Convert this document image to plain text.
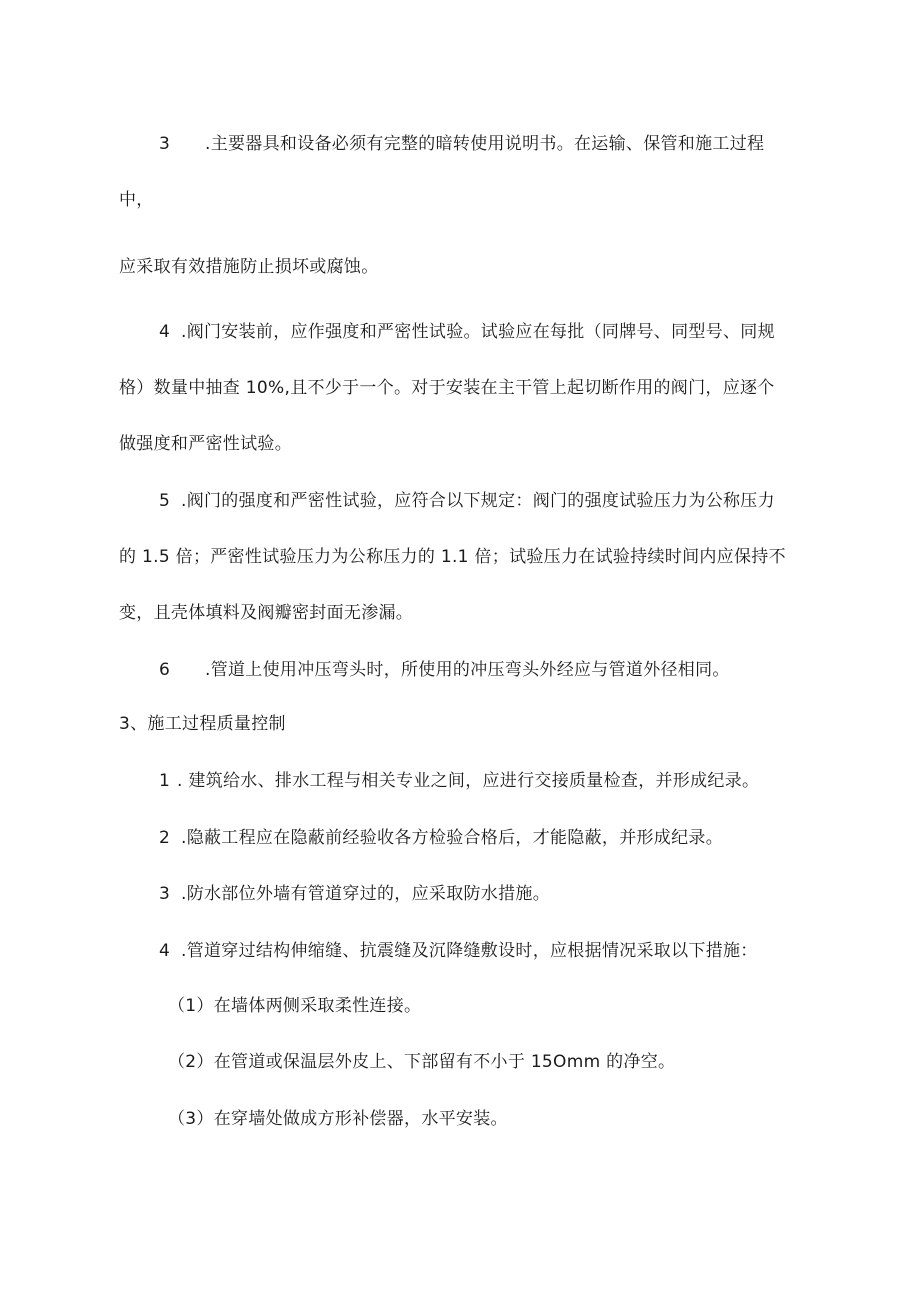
3 .主要器具和设备必须有完整的暗转使用说明书。在运输、保管和施工过程
中，
应采取有效措施防止损坏或腐蚀。
4 .阀门安装前，应作强度和严密性试验。试验应在每批（同牌号、同型号、同规
格）数量中抽查 10%,且不少于一个。对于安装在主干管上起切断作用的阀门，应逐个
做强度和严密性试验。
5 .阀门的强度和严密性试验，应符合以下规定：阀门的强度试验压力为公称压力
的 1.5 倍；严密性试验压力为公称压力的 1.1 倍；试验压力在试验持续时间内应保持不
变，且壳体填料及阀瓣密封面无渗漏。
6 .管道上使用冲压弯头时，所使用的冲压弯头外经应与管道外径相同。
3、施工过程质量控制
1 . 建筑给水、排水工程与相关专业之间，应进行交接质量检查，并形成纪录。
2 .隐蔽工程应在隐蔽前经验收各方检验合格后，才能隐蔽，并形成纪录。
3 .防水部位外墙有管道穿过的，应采取防水措施。
4 .管道穿过结构伸缩缝、抗震缝及沉降缝敷设时，应根据情况采取以下措施：
（1）在墙体两侧采取柔性连接。
（2）在管道或保温层外皮上、下部留有不小于 15Omm 的净空。
（3）在穿墙处做成方形补偿器，水平安装。
